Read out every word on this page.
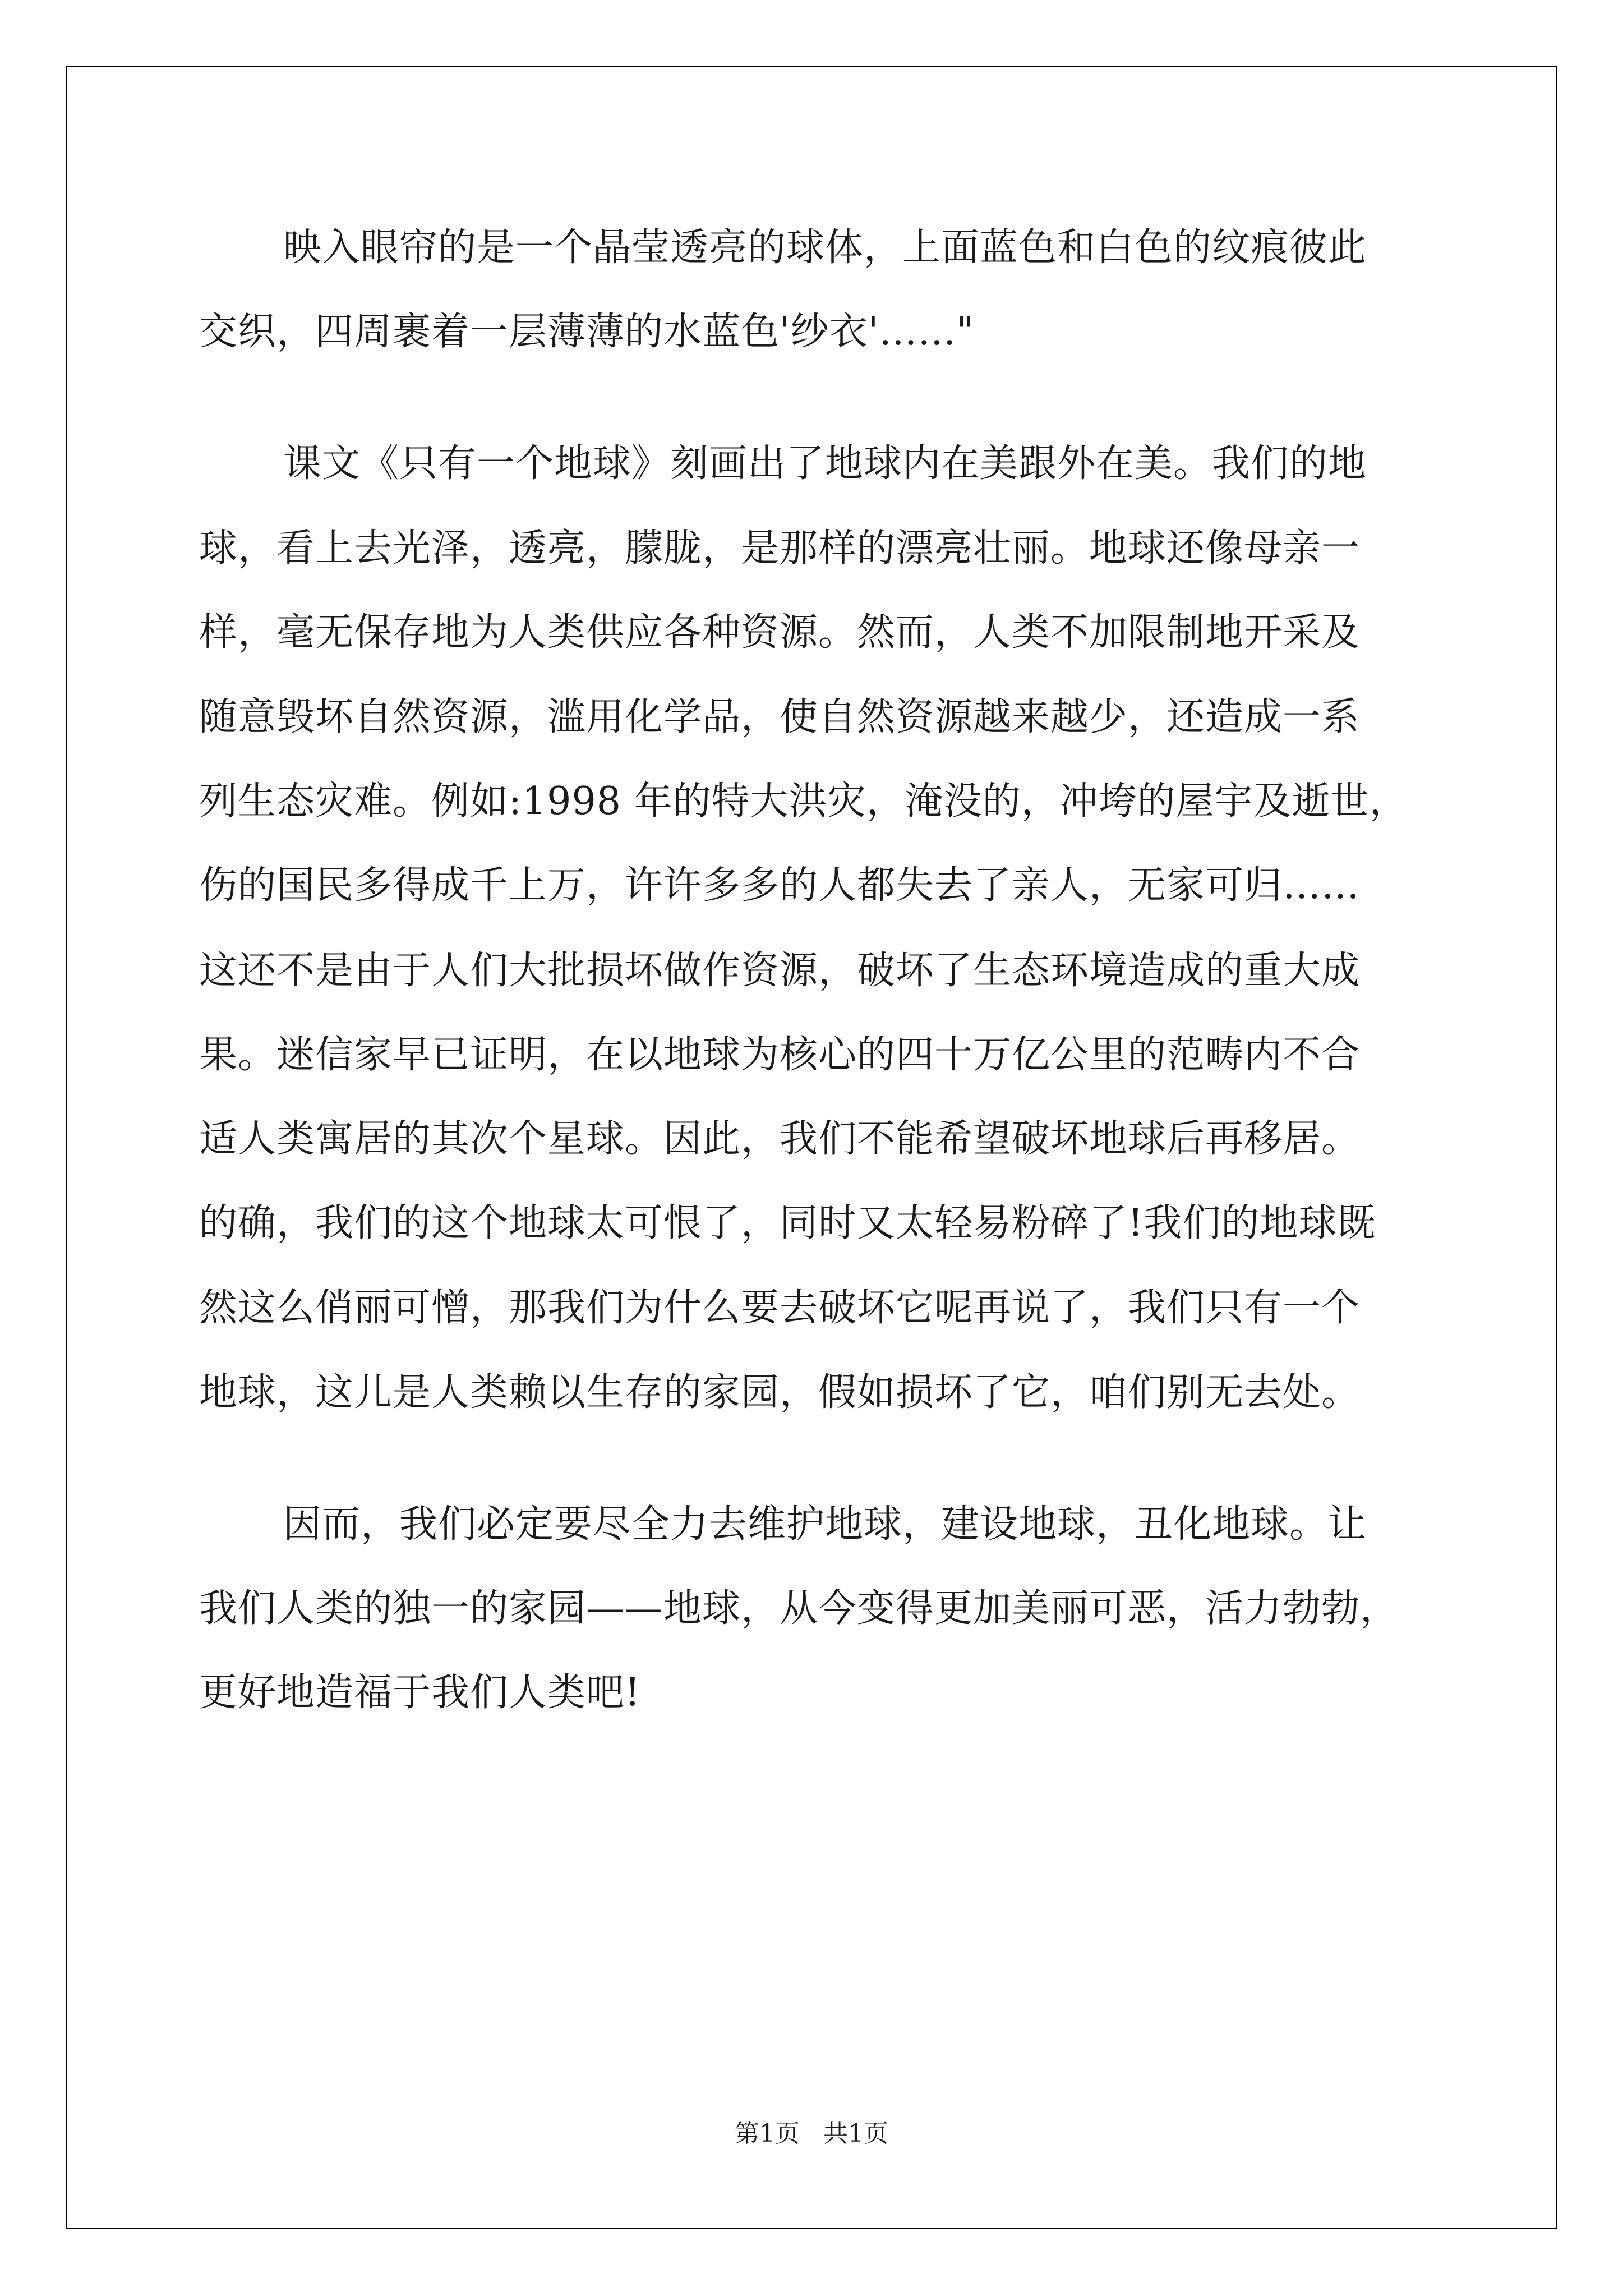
映入眼帘的是一个晶莹透亮的球体，上面蓝色和白色的纹痕彼此
交织，四周裹着一层薄薄的水蓝色'纱衣'……"
课文《只有一个地球》刻画出了地球内在美跟外在美。我们的地
球，看上去光泽，透亮，朦胧，是那样的漂亮壮丽。地球还像母亲一
样，毫无保存地为人类供应各种资源。然而，人类不加限制地开采及
随意毁坏自然资源，滥用化学品，使自然资源越来越少，还造成一系
列生态灾难。例如:1998 年的特大洪灾，淹没的，冲垮的屋宇及逝世，
伤的国民多得成千上万，许许多多的人都失去了亲人，无家可归……
这还不是由于人们大批损坏做作资源，破坏了生态环境造成的重大成
果。迷信家早已证明，在以地球为核心的四十万亿公里的范畴内不合
适人类寓居的其次个星球。因此，我们不能希望破坏地球后再移居。
的确，我们的这个地球太可恨了，同时又太轻易粉碎了!我们的地球既
然这么俏丽可憎，那我们为什么要去破坏它呢再说了，我们只有一个
地球，这儿是人类赖以生存的家园，假如损坏了它，咱们别无去处。
因而，我们必定要尽全力去维护地球，建设地球，丑化地球。让
我们人类的独一的家园——地球，从今变得更加美丽可恶，活力勃勃，
更好地造福于我们人类吧!
第1页   共1页
